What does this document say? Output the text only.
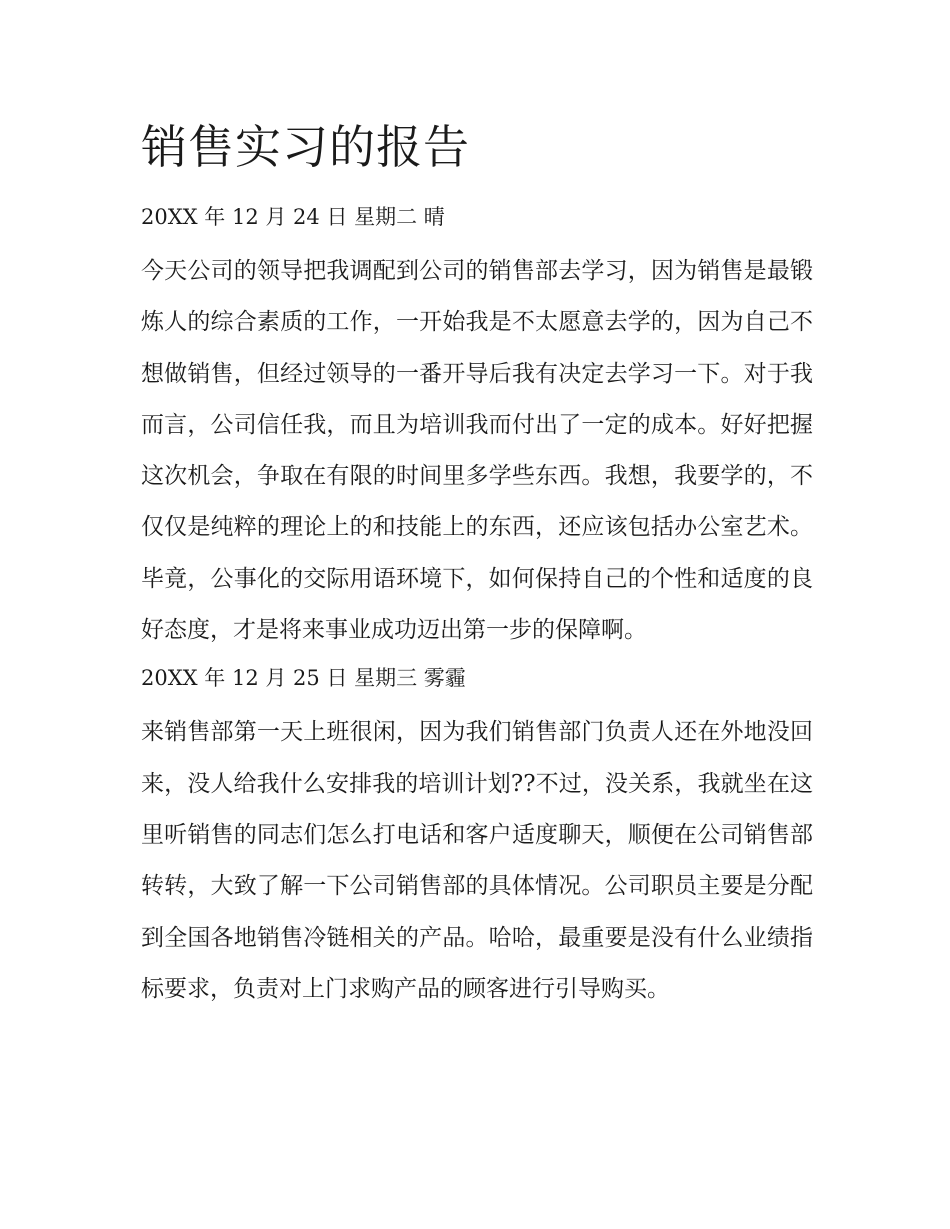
销售实习的报告
20XX 年 12 月 24 日 星期二 晴

今天公司的领导把我调配到公司的销售部去学习，因为销售是最锻炼人的综合素质的工作，一开始我是不太愿意去学的，因为自己不想做销售，但经过领导的一番开导后我有决定去学习一下。对于我而言，公司信任我，而且为培训我而付出了一定的成本。好好把握这次机会，争取在有限的时间里多学些东西。我想，我要学的，不仅仅是纯粹的理论上的和技能上的东西，还应该包括办公室艺术。毕竟，公事化的交际用语环境下，如何保持自己的个性和适度的良好态度，才是将来事业成功迈出第一步的保障啊。

20XX 年 12 月 25 日 星期三 雾霾

来销售部第一天上班很闲，因为我们销售部门负责人还在外地没回来，没人给我什么安排我的培训计划??不过，没关系，我就坐在这里听销售的同志们怎么打电话和客户适度聊天，顺便在公司销售部转转，大致了解一下公司销售部的具体情况。公司职员主要是分配到全国各地销售冷链相关的产品。哈哈，最重要是没有什么业绩指标要求，负责对上门求购产品的顾客进行引导购买。
